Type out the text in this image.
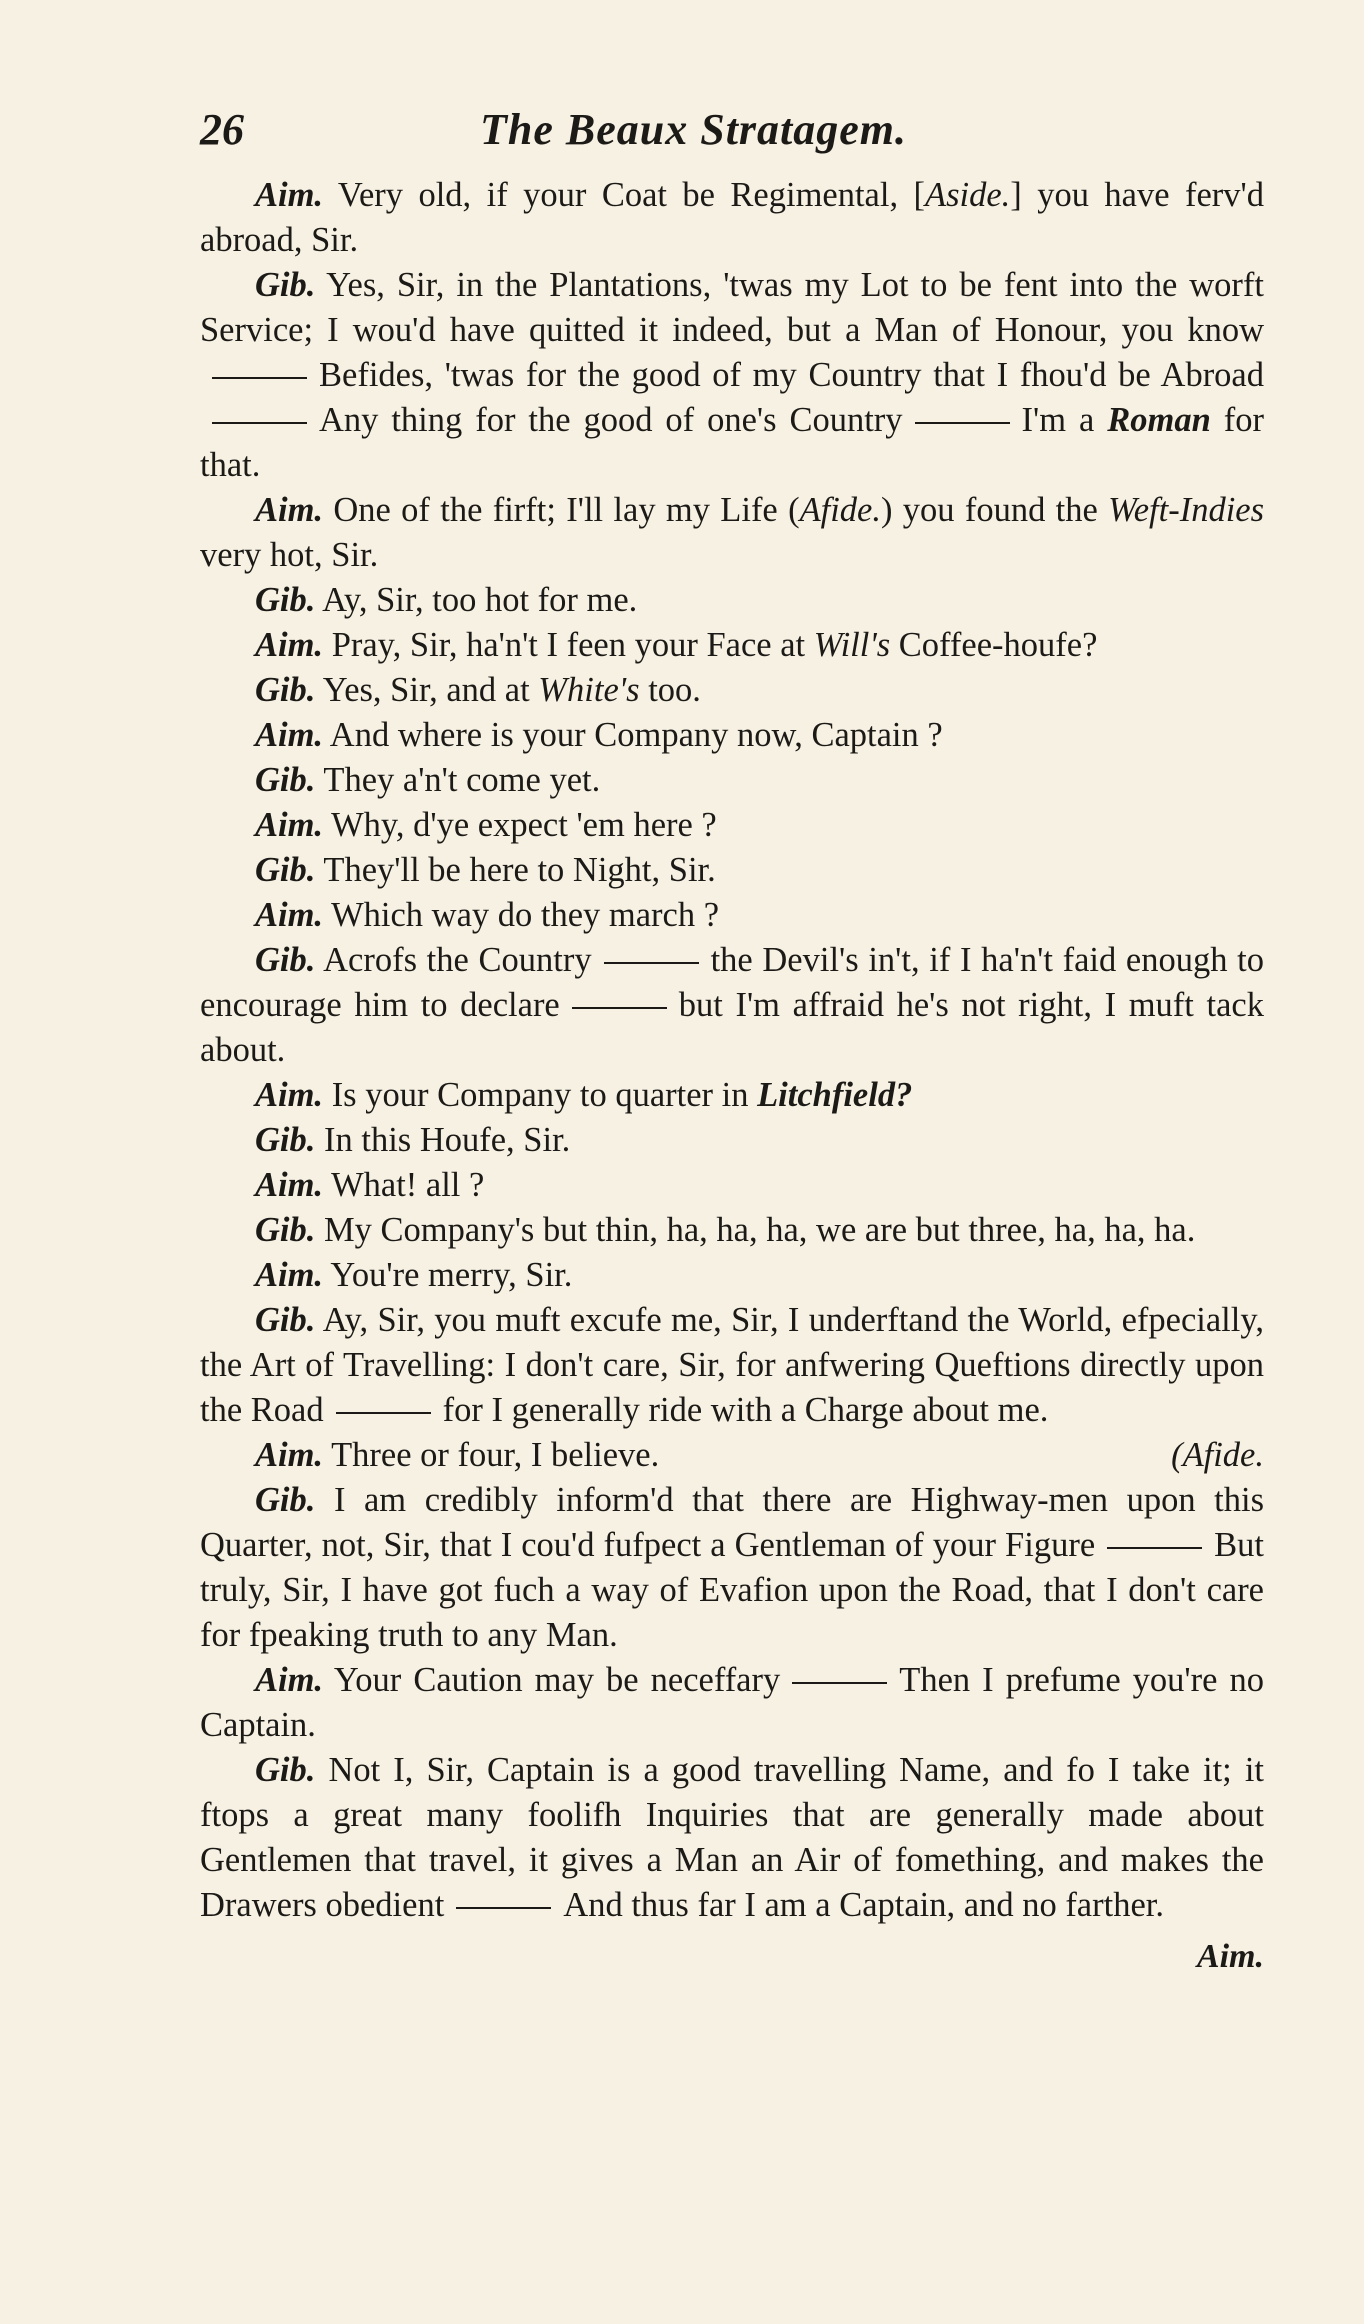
26	The Beaux Stratagem.

Aim. Very old, if your Coat be Regimental, [Aside.] you have ferv'd abroad, Sir.

Gib. Yes, Sir, in the Plantations, 'twas my Lot to be fent into the worft Service; I wou'd have quitted it indeed, but a Man of Honour, you knowBefides, 'twas for the good of my Country that I fhou'd be AbroadAny thing for the good of one's Country	I'm a Roman for that.

Aim. One of the firft; I'll lay my Life (Afide.) you found the Weft-Indies very hot, Sir.

Gib. Ay, Sir, too hot for me.

Aim. Pray, Sir, ha'n't I feen your Face at Will's Coffee-houfe?

Gib. Yes, Sir, and at White's too.

Aim. And where is your Company now, Captain ?

Gib. They a'n't come yet.

Aim. Why, d'ye expect 'em here ?

Gib. They'll be here to Night, Sir.

Aim. Which way do they march ?

Gib. Acrofs the Country	the Devil's in't, if I ha'n't faid enough to encourage him to declare	but I'm affraid he's not right, I muft tack about.

Aim. Is your Company to quarter in Litchfield?

Gib. In this Houfe, Sir.

Aim. What! all ?

Gib. My Company's but thin, ha, ha, ha, we are but three, ha, ha, ha.

Aim. You're merry, Sir.

Gib. Ay, Sir, you muft excufe me, Sir, I underftand the World, efpecially, the Art of Travelling: I don't care, Sir, for anfwering Queftions directly upon the Road	for I generally ride with a Charge about me.

Aim. Three or four, I believe.	(Afide.

Gib. I am credibly inform'd that there are Highway-men upon this Quarter, not, Sir, that I cou'd fufpect a Gentleman of your Figure	But truly, Sir, I have got fuch a way of Evafion upon the Road, that I don't care for fpeaking truth to any Man.

Aim. Your Caution may be neceffary	Then I prefume you're no Captain.

Gib. Not I, Sir, Captain is a good travelling Name, and fo I take it; it ftops a great many foolifh Inquiries that are generally made about Gentlemen that travel, it gives a Man an Air of fomething, and makes the Drawers obedient	And thus far I am a Captain, and no farther.

Aim.
